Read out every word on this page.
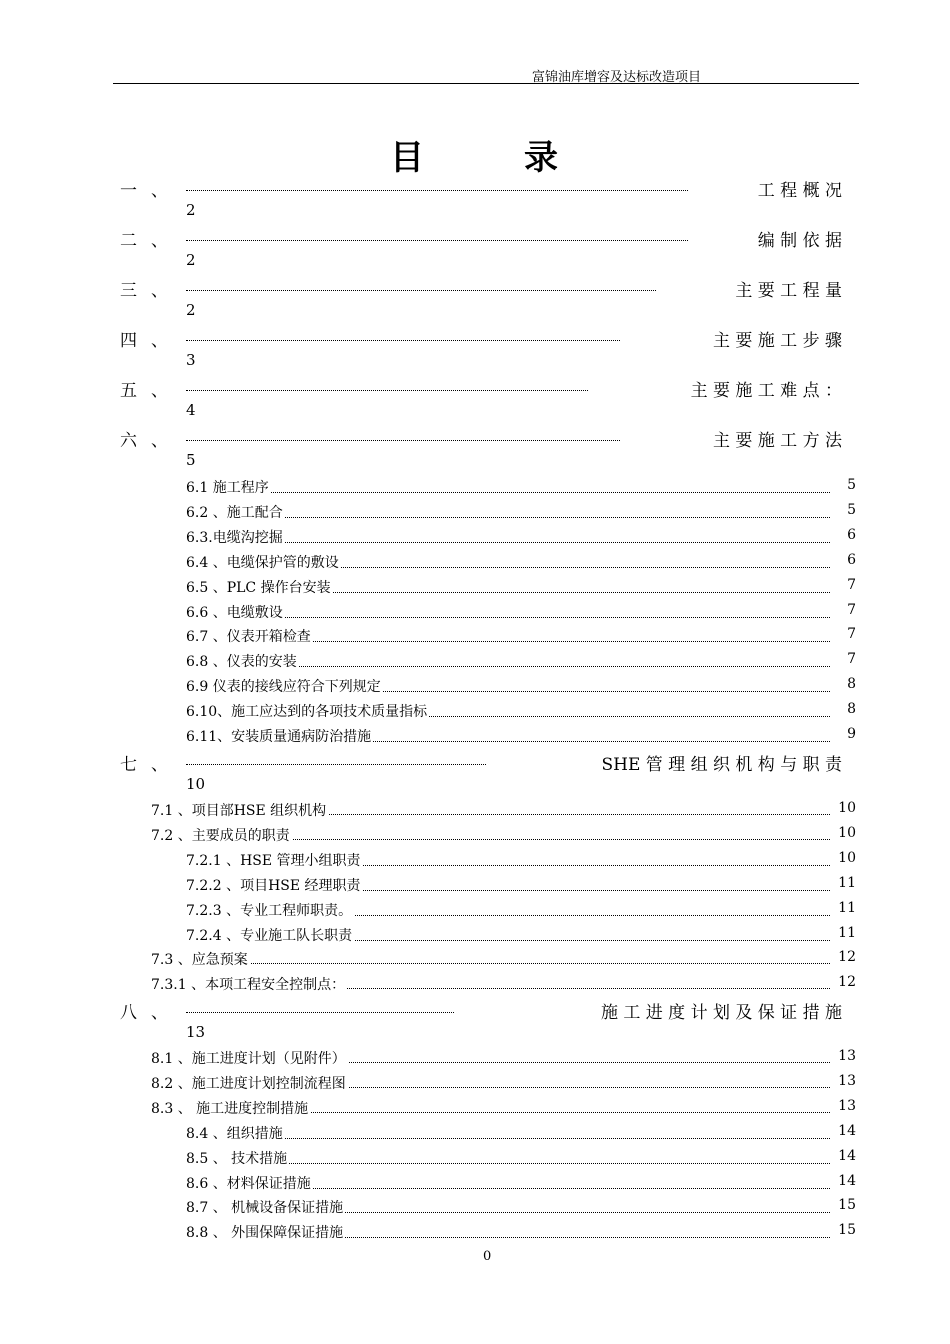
富锦油库增容及达标改造项目
目	录
一、	工 程 概 况
2
二、	编 制 依 据
2
三、	主 要 工 程 量
2
四、	主 要 施 工 步 骤
3
五、	主 要 施 工 难 点 ：
4
六、	主 要 施 工 方 法
5
6.1 施工程序	5
6.2 、施工配合	5
6.3.电缆沟挖掘	6
6.4 、电缆保护管的敷设	6
6.5 、PLC 操作台安装	7
6.6 、电缆敷设	7
6.7 、仪表开箱检查	7
6.8 、仪表的安装	7
6.9 仪表的接线应符合下列规定	8
6.10、施工应达到的各项技术质量指标	8
6.11、安装质量通病防治措施	9
七、	SHE 管 理 组 织 机 构 与 职 责
10
7.1 、项目部HSE 组织机构	10
7.2 、主要成员的职责	10
7.2.1 、HSE 管理小组职责	10
7.2.2 、项目HSE 经理职责	11
7.2.3 、专业工程师职责。	11
7.2.4 、专业施工队长职责	11
7.3 、应急预案	12
7.3.1 、本项工程安全控制点：	12
八、	施 工 进 度 计 划 及 保 证 措 施
13
8.1 、施工进度计划（见附件）	13
8.2 、施工进度计划控制流程图	13
8.3 、 施工进度控制措施	13
8.4 、组织措施	14
8.5 、 技术措施	14
8.6 、材料保证措施	14
8.7 、 机械设备保证措施	15
8.8 、 外围保障保证措施	15
0
